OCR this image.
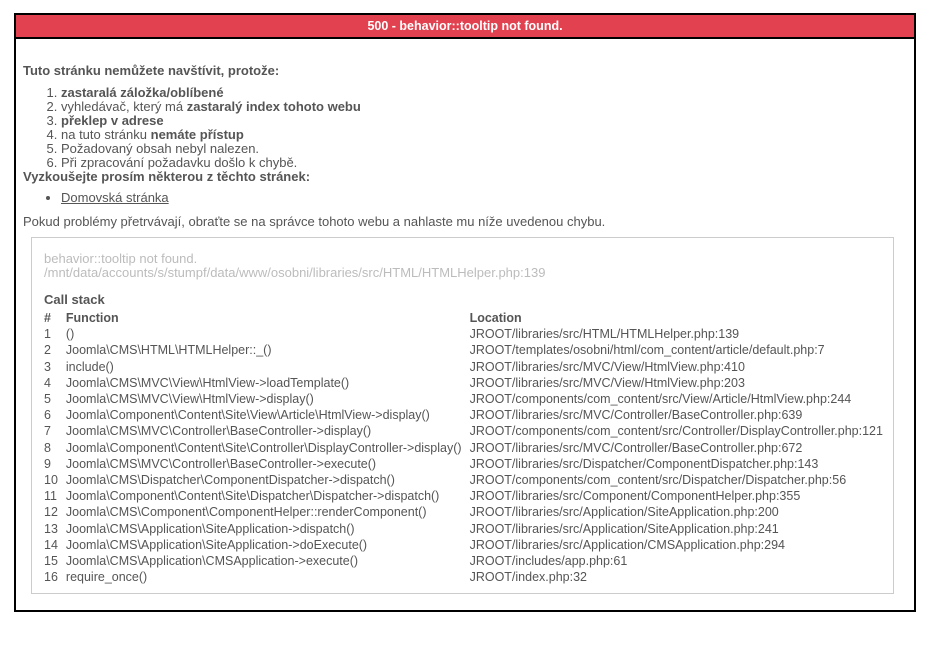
500 - behavior::tooltip not found.

Tuto stránku nemůžete navštívit, protože:

1. zastaralá záložka/oblíbené
2. vyhledávač, který má zastaralý index tohoto webu
3. překlep v adrese
4. na tuto stránku nemáte přístup
5. Požadovaný obsah nebyl nalezen.
6. Při zpracování požadavku došlo k chybě.

Vyzkoušejte prosím některou z těchto stránek:

• Domovská stránka

Pokud problémy přetrvávají, obraťte se na správce tohoto webu a nahlaste mu níže uvedenou chybu.

behavior::tooltip not found.
/mnt/data/accounts/s/stumpf/data/www/osobni/libraries/src/HTML/HTMLHelper.php:139

Call stack

#	Function	Location
1	()	JROOT/libraries/src/HTML/HTMLHelper.php:139
2	Joomla\CMS\HTML\HTMLHelper::_()	JROOT/templates/osobni/html/com_content/article/default.php:7
3	include()	JROOT/libraries/src/MVC/View/HtmlView.php:410
4	Joomla\CMS\MVC\View\HtmlView->loadTemplate()	JROOT/libraries/src/MVC/View/HtmlView.php:203
5	Joomla\CMS\MVC\View\HtmlView->display()	JROOT/components/com_content/src/View/Article/HtmlView.php:244
6	Joomla\Component\Content\Site\View\Article\HtmlView->display()	JROOT/libraries/src/MVC/Controller/BaseController.php:639
7	Joomla\CMS\MVC\Controller\BaseController->display()	JROOT/components/com_content/src/Controller/DisplayController.php:121
8	Joomla\Component\Content\Site\Controller\DisplayController->display()	JROOT/libraries/src/MVC/Controller/BaseController.php:672
9	Joomla\CMS\MVC\Controller\BaseController->execute()	JROOT/libraries/src/Dispatcher/ComponentDispatcher.php:143
10	Joomla\CMS\Dispatcher\ComponentDispatcher->dispatch()	JROOT/components/com_content/src/Dispatcher/Dispatcher.php:56
11	Joomla\Component\Content\Site\Dispatcher\Dispatcher->dispatch()	JROOT/libraries/src/Component/ComponentHelper.php:355
12	Joomla\CMS\Component\ComponentHelper::renderComponent()	JROOT/libraries/src/Application/SiteApplication.php:200
13	Joomla\CMS\Application\SiteApplication->dispatch()	JROOT/libraries/src/Application/SiteApplication.php:241
14	Joomla\CMS\Application\SiteApplication->doExecute()	JROOT/libraries/src/Application/CMSApplication.php:294
15	Joomla\CMS\Application\CMSApplication->execute()	JROOT/includes/app.php:61
16	require_once()	JROOT/index.php:32
